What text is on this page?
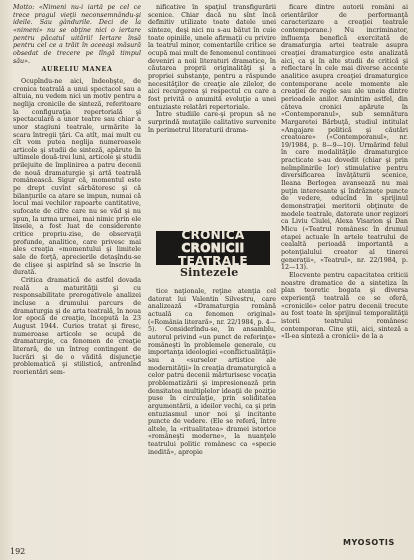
Motto: «Nimeni nu-i iartă pe cel ce trece pragul vieţii neconsemnându-şi ideile. Sau gândurile. Deci de la «nimeni» nu se obţine nici o iertare pentru păcatul uitării! Iertare însă pentru cel ce a trăit în aceeaşi măsură obsedat de trecere pe lîngă timpul său».
AURELIU MANEA

Ocupîndu-ne aici, îndeobşte, de cronica teatrală a unui spectacol sau a altuia, nu vedem nici un motiv pentru a neglija cronicile de sinteză, referitoare la configuraţia repertorială şi spectaculară a unor teatre sau chiar a unor stagiuni teatrale, urmărite la scara întregii ţări. Ca atît, mai mult cu cît vom putea neglija numeroasele articole şi studii de sinteză, apărute în ultimele două-trei luni, articole şi studii prilejuite de împlinirea a patru decenii de nouă dramaturgie şi artă teatrală românească. Sigur că, momentul este pe drept cuvînt sărbătoresc şi că bilanţurile ca atare se impun, numai că locul mai vechilor rapoarte cantitative, sufocate de cifre care nu se văd şi nu spun, la urma urmei, mai nimic prin ele însele, a fost luat de considerente critice propriu-zise, de observaţii profunde, analitice, care privesc mai ales creaţia «momentului şi limitele sale de forţă, aprecierile detaşîndu-se de clişee şi aspirînd să se înscrie în durată.

Critica dramatică de astfel dovada reală a maturităţii şi cu responsabilitate prerogativele analizei incluse a drumului parcurs de dramaturgia şi de arta teatrală, în noua lor epocă de creaţie, începută la 23 August 1944. Curios tratat şi firesc, numeroase articole se ocupă de dramaturgie, ca fenomen de creaţie literară, de un întreg contingent de lucrări şi de o vădită disjuncţie problematică şi stilistică, antrenînd reorientări sem-

nificative în spaţiul transfigurării scenice. Chiar dacă nu sînt încă definitiv utilizate toate datele unei sinteze, deşi nici nu s-au bătut în cuie toate opiniile, unele afirmaţii cu privire la teatrul minor, comentariile critice se ocupă mai mult de fenomenul continuei deveniri a noii literaturi dramatice, în căutarea proprii originalităţi şi a propriei substanţe, pentru a răspunde necesităţilor de creaţie ale zilelor, de aici recurgerea şi respectul cu care a fost privită o anumită evoluţie a unei entuziaste relatări repertoriale.

Între studiile care-şi propun să ne surprindă mutaţiile calitative survenite în perimetrul literaturii drama-

CRONICA
CRONICII
TEATRALE
Sintezele

tice naţionale, reţine atenţia cel datorat lui Valentin Silvestru, care analizează «Dramaturgia română actuală ca fenomen original» («România literară», nr. 22/1984, p. 4—5). Considerîndu-se, în ansamblu, autorul privind «un punct de referinţe» româneşti în problemele generale, cu importanţa ideologiei «conflictualităţii» sau a «surselor artistice ale modernităţii» în creaţia dramaturgică a celor patru decenii mărturisesc vocaţia problematizării şi impresionează prin densitatea multiplelor ideaţii de poziţie puse în circulaţie, prin soliditatea argumentării, a ideilor vechi, ca şi prin entuziasmul unor noi şi incitante puncte de vedere. (Ele se referă, între altele, la «ritualitatea» dramei istorice «româneşti moderne», la nuanţele teatrului politic românesc ca «specie inedită», apropie

ficare dintre autorii români ai orientărilor de performanţă caracterizare a creaţiei teatrale contemporane.) Nu incriminator, influenţa benefică exercitată de dramaturgia artei teatrale asupra creaţiei dramaturgice este analizată aici, ca şi în alte studii de critică şi reflectare în cele mai diverse accente analitice asupra creaţiei dramaturgice contemporane acele momente ale creaţiei de regie sau ale uneia dintre perioadele anilor. Amintim astfel, din câteva cronici apărute în «Contemporanul», sub semnătura Margaretei Bărbuţă, studiul intitulat «Angajare politică şi căutări creatoare» («Contemporanul», nr. 19/1984, p. 8—9—10). Urmărind felul în care modalităţile dramaturgice practicate s-au dovedit (chiar şi prin neîmplinirile lor) stimulative pentru diversificarea învăţăturii scenice, Ileana Berlogea avansează nu mai puţin interesante şi îndrăzneţe puncte de vedere, educînd în sprijinul demonstraţiei meritorii obţinute de modele teatrale, datorate unor regizori ca Liviu Ciulei, Alexa Visarion şi Dan Micu («Teatrul românesc în drumul etapei actuale în artele teatrului de cealaltă perioadă importantă a potenţialului creator al tinerei generaţii», «Teatrul», nr. 22/1984, p. 12—13).

Elocvente pentru capacitatea criticii noastre dramatice de a sintetiza în plan teoretic bogata şi diversa experienţă teatrală ce se oferă, «cronicile» celor patru decenii trecute au fost toate în sprijinul temporalităţii istorii teatrului românesc contemporan. Cine ştii, aici, sinteză a «Il-ea sinteză a cronicii» de la a

MYOSOTIS
192
